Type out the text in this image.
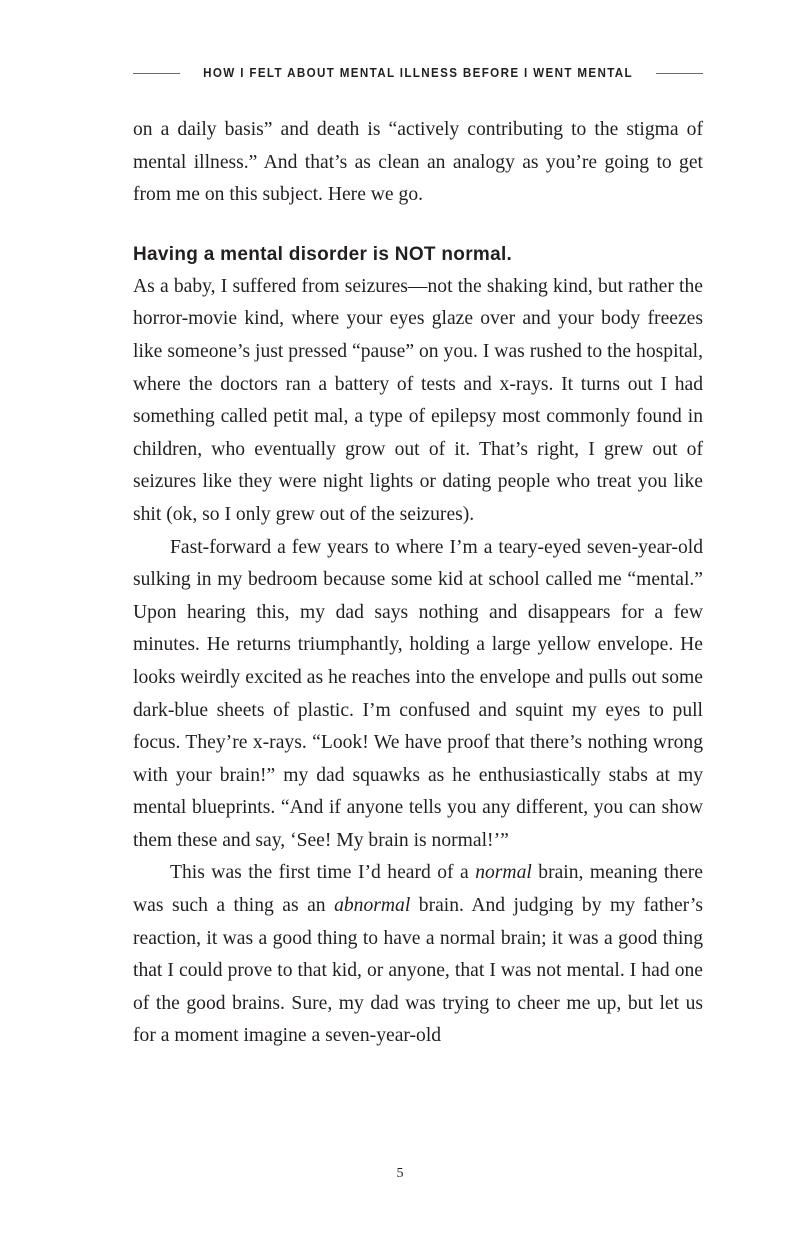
HOW I FELT ABOUT MENTAL ILLNESS BEFORE I WENT MENTAL

on a daily basis” and death is “actively contributing to the stigma of mental illness.” And that’s as clean an analogy as you’re going to get from me on this subject. Here we go.

Having a mental disorder is NOT normal.

As a baby, I suffered from seizures—not the shaking kind, but rather the horror-movie kind, where your eyes glaze over and your body freezes like someone’s just pressed “pause” on you. I was rushed to the hospital, where the doctors ran a battery of tests and x-rays. It turns out I had something called petit mal, a type of epilepsy most commonly found in children, who eventually grow out of it. That’s right, I grew out of seizures like they were night lights or dating people who treat you like shit (ok, so I only grew out of the seizures).

Fast-forward a few years to where I’m a teary-eyed seven-year-old sulking in my bedroom because some kid at school called me “mental.” Upon hearing this, my dad says nothing and disappears for a few minutes. He returns triumphantly, holding a large yellow envelope. He looks weirdly excited as he reaches into the envelope and pulls out some dark-blue sheets of plastic. I’m confused and squint my eyes to pull focus. They’re x-rays. “Look! We have proof that there’s nothing wrong with your brain!” my dad squawks as he enthusiastically stabs at my mental blueprints. “And if anyone tells you any different, you can show them these and say, ‘See! My brain is normal!’”

This was the first time I’d heard of a normal brain, meaning there was such a thing as an abnormal brain. And judging by my father’s reaction, it was a good thing to have a normal brain; it was a good thing that I could prove to that kid, or anyone, that I was not mental. I had one of the good brains. Sure, my dad was trying to cheer me up, but let us for a moment imagine a seven-year-old

5
